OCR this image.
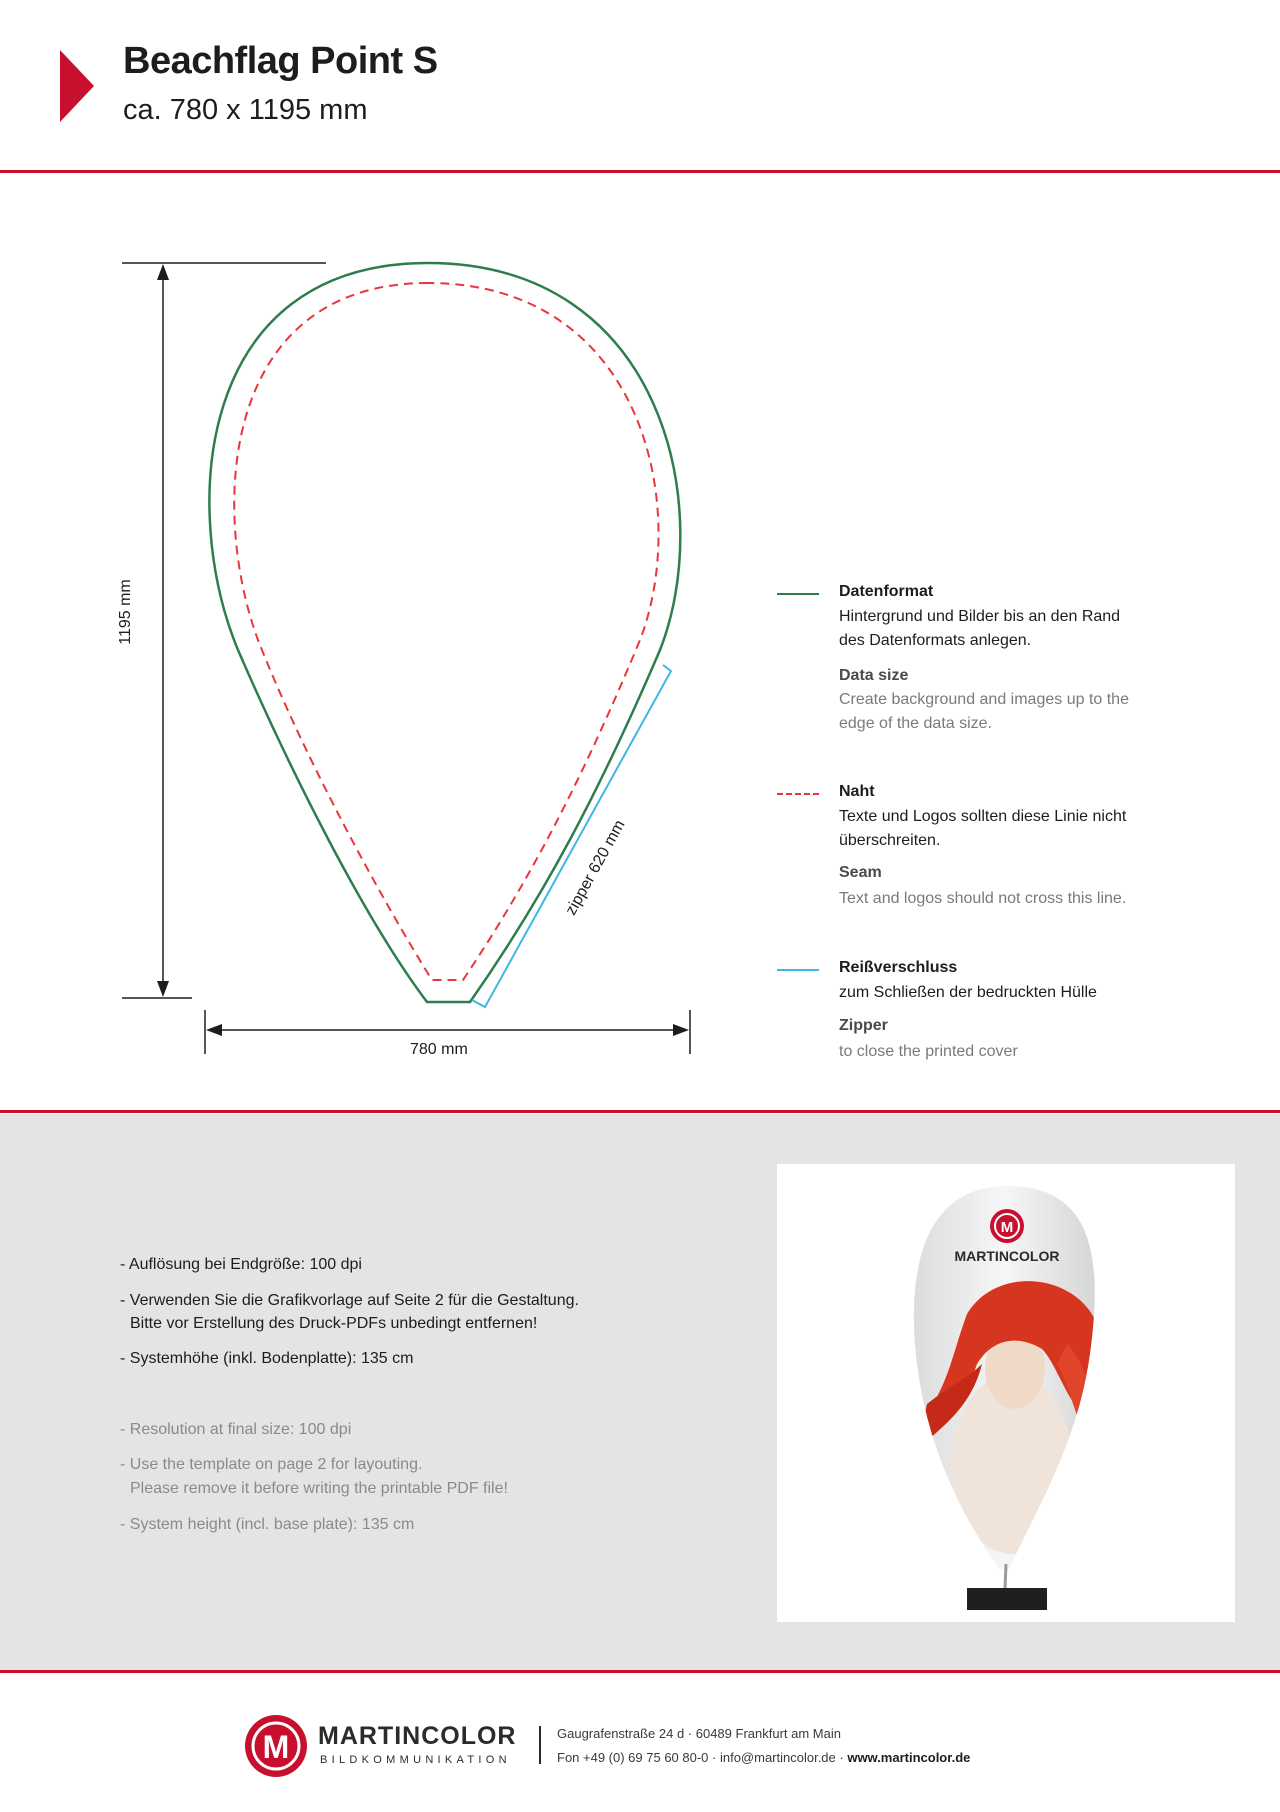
Beachflag Point S
ca. 780 x 1195 mm
1195 mm
780 mm
zipper 620 mm
Datenformat
Hintergrund und Bilder bis an den Rand
des Datenformats anlegen.
Data size
Create background and images up to the
edge of the data size.
Naht
Texte und Logos sollten diese Linie nicht
überschreiten.
Seam
Text and logos should not cross this line.
Reißverschluss
zum Schließen der bedruckten Hülle
Zipper
to close the printed cover
- Auflösung bei Endgröße: 100 dpi
- Verwenden Sie die Grafikvorlage auf Seite 2 für die Gestaltung.
Bitte vor Erstellung des Druck-PDFs unbedingt entfernen!
- Systemhöhe (inkl. Bodenplatte): 135 cm
- Resolution at final size: 100 dpi
- Use the template on page 2 for layouting.
Please remove it before writing the printable PDF file!
- System height (incl. base plate): 135 cm
M
MARTINCOLOR
M MARTINCOLOR
BILDKOMMUNIKATION
Gaugrafenstraße 24 d · 60489 Frankfurt am Main
Fon +49 (0) 69 75 60 80-0 · info@martincolor.de · www.martincolor.de
